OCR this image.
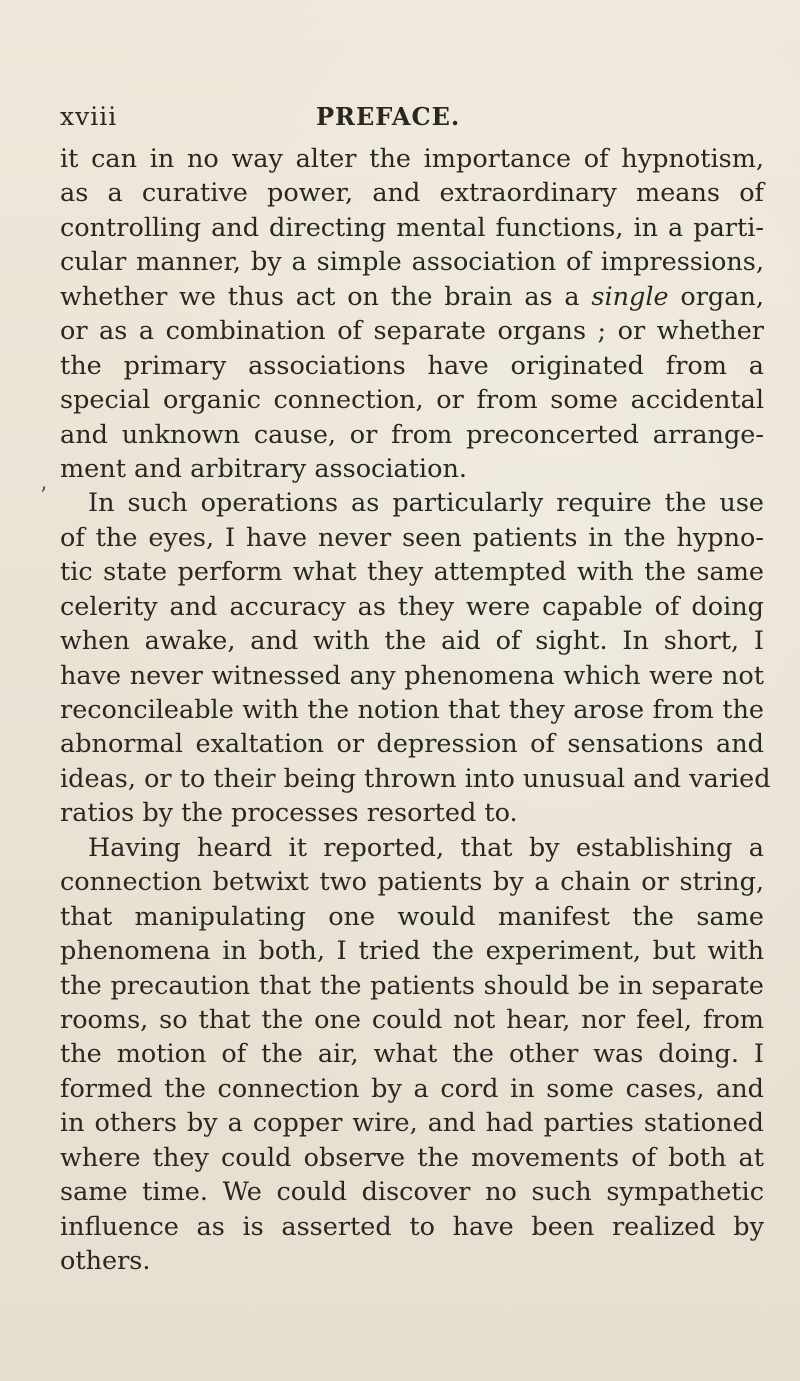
xviii	PREFACE.
’
it can in no way alter the importance of hypnotism,
as a curative power, and extraordinary means of
controlling and directing mental functions, in a parti-
cular manner, by a simple association of impressions,
whether we thus act on the brain as a single organ,
or as a combination of separate organs ; or whether
the primary associations have originated from a
special organic connection, or from some accidental
and unknown cause, or from preconcerted arrange-
ment and arbitrary association.
In such operations as particularly require the use
of the eyes, I have never seen patients in the hypno-
tic state perform what they attempted with the same
celerity and accuracy as they were capable of doing
when awake, and with the aid of sight. In short, I
have never witnessed any phenomena which were not
reconcileable with the notion that they arose from the
abnormal exaltation or depression of sensations and
ideas, or to their being thrown into unusual and varied
ratios by the processes resorted to.
Having heard it reported, that by establishing a
connection betwixt two patients by a chain or string,
that manipulating one would manifest the same
phenomena in both, I tried the experiment, but with
the precaution that the patients should be in separate
rooms, so that the one could not hear, nor feel, from
the motion of the air, what the other was doing. I
formed the connection by a cord in some cases, and
in others by a copper wire, and had parties stationed
where they could observe the movements of both at
same time. We could discover no such sympathetic
influence as is asserted to have been realized by
others.
